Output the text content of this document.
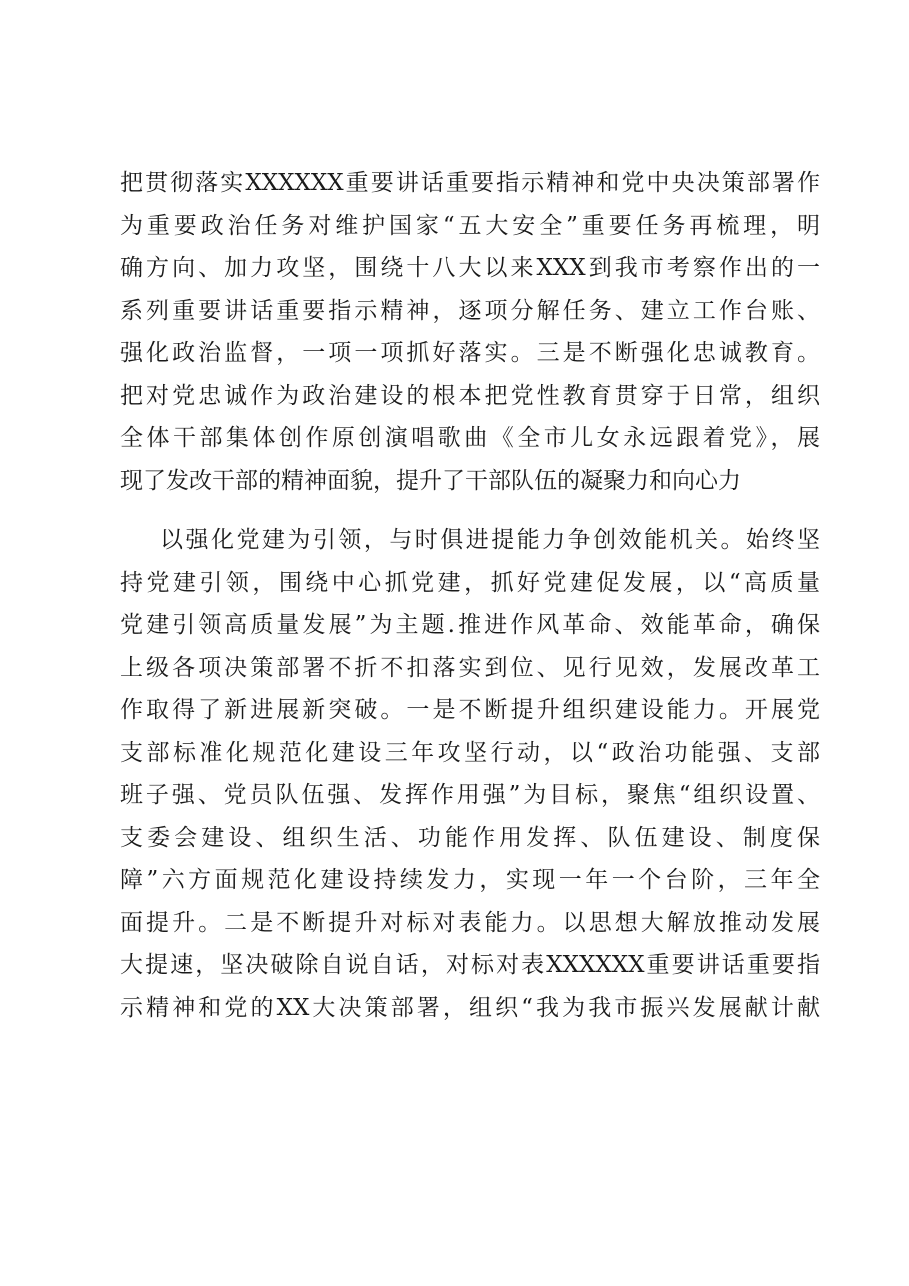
把贯彻落实XXXXXX重要讲话重要指示精神和党中央决策部署作
为重要政治任务对维护国家“五大安全”重要任务再梳理，明
确方向、加力攻坚，围绕十八大以来XXX到我市考察作出的一
系列重要讲话重要指示精神，逐项分解任务、建立工作台账、
强化政治监督，一项一项抓好落实。三是不断强化忠诚教育。
把对党忠诚作为政治建设的根本把党性教育贯穿于日常，组织
全体干部集体创作原创演唱歌曲《全市儿女永远跟着党》，展
现了发改干部的精神面貌，提升了干部队伍的凝聚力和向心力
以强化党建为引领，与时俱进提能力争创效能机关。始终坚
持党建引领，围绕中心抓党建，抓好党建促发展，以“高质量
党建引领高质量发展”为主题.推进作风革命、效能革命，确保
上级各项决策部署不折不扣落实到位、见行见效，发展改革工
作取得了新进展新突破。一是不断提升组织建设能力。开展党
支部标准化规范化建设三年攻坚行动，以“政治功能强、支部
班子强、党员队伍强、发挥作用强”为目标，聚焦“组织设置、
支委会建设、组织生活、功能作用发挥、队伍建设、制度保
障”六方面规范化建设持续发力，实现一年一个台阶，三年全
面提升。二是不断提升对标对表能力。以思想大解放推动发展
大提速，坚决破除自说自话，对标对表XXXXXX重要讲话重要指
示精神和党的XX大决策部署，组织“我为我市振兴发展献计献
